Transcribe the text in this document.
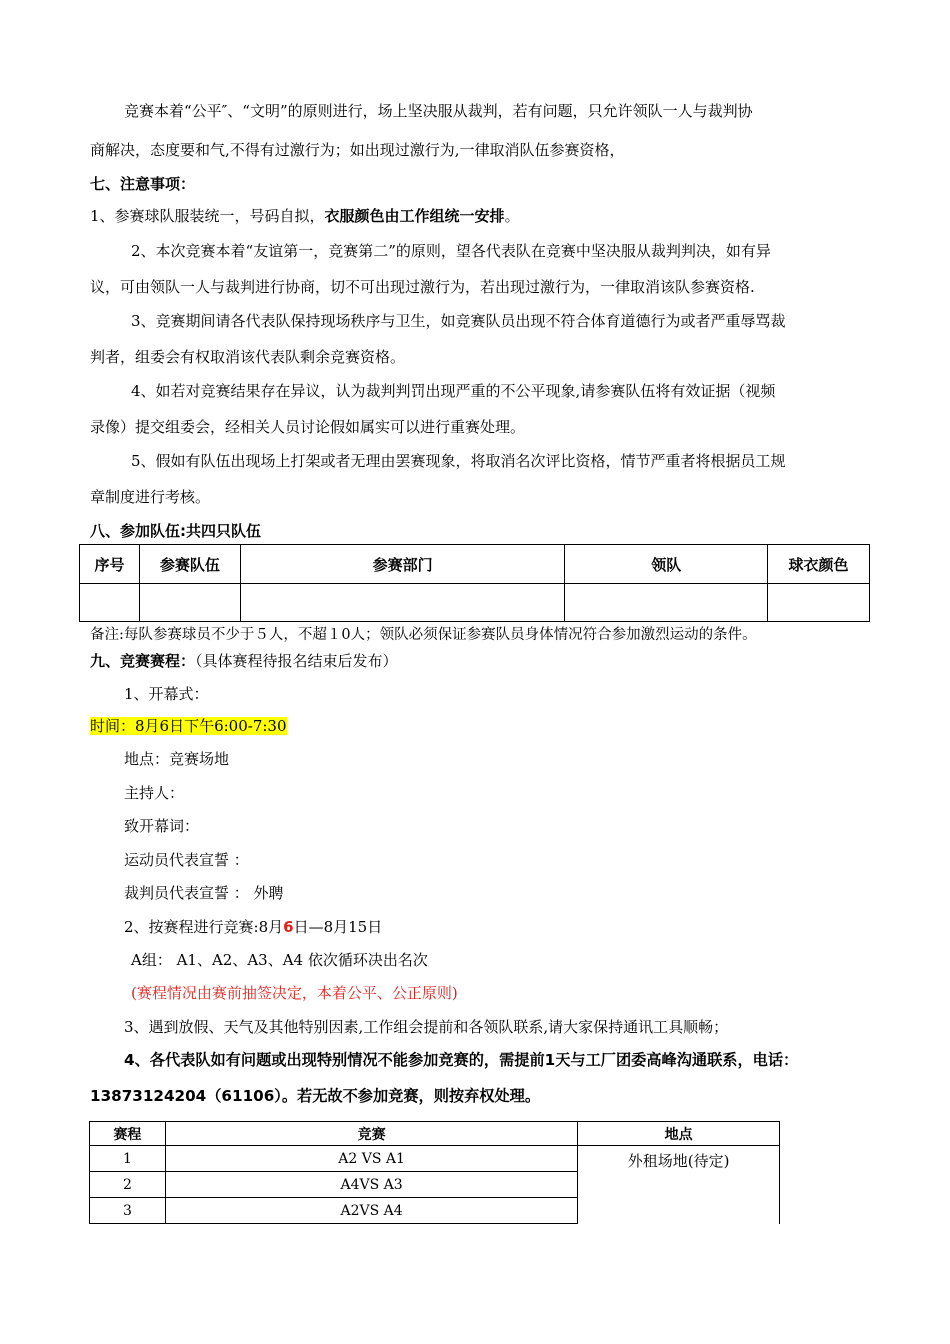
竞赛本着“公平″、“文明”的原则进行，场上坚决服从裁判，若有问题，只允许领队一人与裁判协
商解决，态度要和气,不得有过激行为；如出现过激行为,一律取消队伍参赛资格，
七、注意事项：
1、参赛球队服装统一，号码自拟，衣服颜色由工作组统一安排。
2、本次竞赛本着“友谊第一，竞赛第二”的原则，望各代表队在竞赛中坚决服从裁判判决，如有异
议，可由领队一人与裁判进行协商，切不可出现过激行为，若出现过激行为，一律取消该队参赛资格.
3、竞赛期间请各代表队保持现场秩序与卫生，如竞赛队员出现不符合体育道德行为或者严重辱骂裁
判者，组委会有权取消该代表队剩余竞赛资格。
4、如若对竞赛结果存在异议，认为裁判判罚出现严重的不公平现象,请参赛队伍将有效证据（视频
录像）提交组委会，经相关人员讨论假如属实可以进行重赛处理。
5、假如有队伍出现场上打架或者无理由罢赛现象，将取消名次评比资格，情节严重者将根据员工规
章制度进行考核。
八、参加队伍:共四只队伍
序号	参赛队伍	参赛部门	领队	球衣颜色

备注:每队参赛球员不少于５人，不超１0人；领队必须保证参赛队员身体情况符合参加激烈运动的条件。
九、竞赛赛程：（具体赛程待报名结束后发布）
1、开幕式：
时间：8月6日下午6:00-7:30
地点：竞赛场地
主持人：
致开幕词：
运动员代表宣誓 ：
裁判员代表宣誓 ： 外聘
2、按赛程进行竞赛:8月6日—8月15日
A组： A1、A2、A3、A4 依次循环决出名次
(赛程情况由赛前抽签决定，本着公平、公正原则)
3、遇到放假、天气及其他特别因素,工作组会提前和各领队联系,请大家保持通讯工具顺畅；
4、各代表队如有问题或出现特别情况不能参加竞赛的，需提前1天与工厂团委高峰沟通联系，电话：
13873124204（61106）。若无故不参加竞赛，则按弃权处理。
赛程	竞赛	地点
1	A2 VS A1	外租场地(待定)
2	A4VS A3	
3	A2VS A4	
